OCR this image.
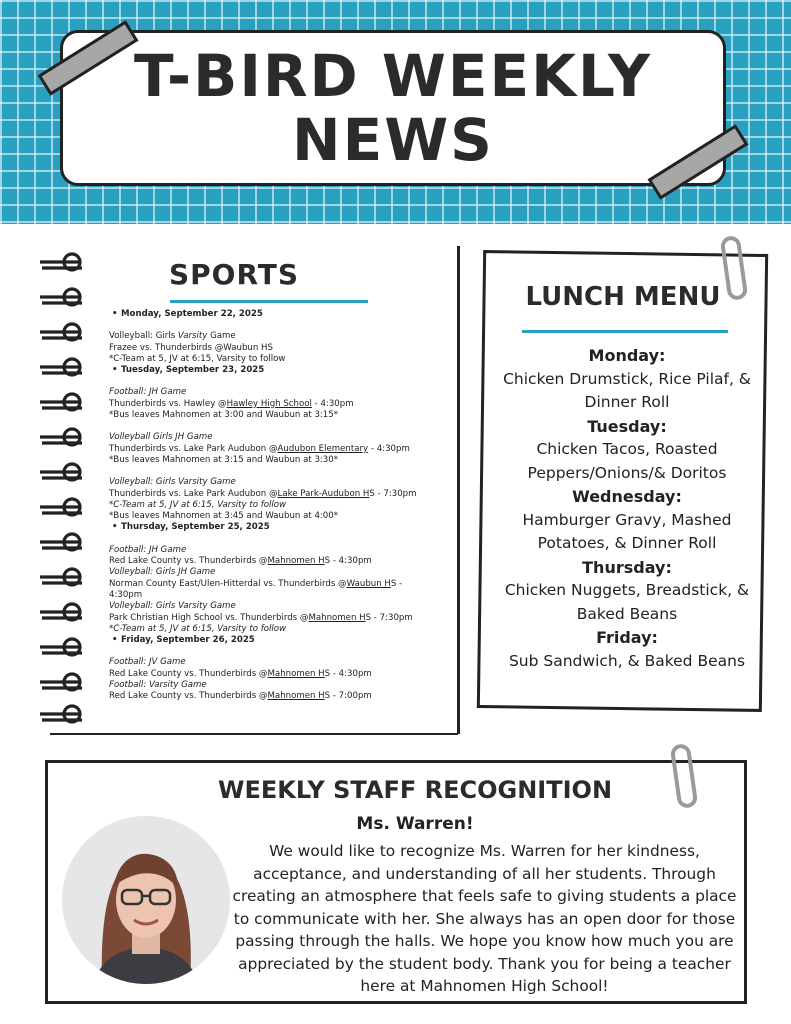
T-BIRD WEEKLY
NEWS
SPORTS
• Monday, September 22, 2025
Volleyball: Girls Varsity Game
Frazee vs. Thunderbirds @Waubun HS
*C-Team at 5, JV at 6:15, Varsity to follow
• Tuesday, September 23, 2025
Football: JH Game
Thunderbirds vs. Hawley @Hawley High School - 4:30pm
*Bus leaves Mahnomen at 3:00 and Waubun at 3:15*
Volleyball Girls JH Game
Thunderbirds vs. Lake Park Audubon @Audubon Elementary - 4:30pm
*Bus leaves Mahnomen at 3:15 and Waubun at 3:30*
Volleyball: Girls Varsity Game
Thunderbirds vs. Lake Park Audubon @Lake Park-Audubon HS - 7:30pm
*C-Team at 5, JV at 6:15, Varsity to follow
*Bus leaves Mahnomen at 3:45 and Waubun at 4:00*
• Thursday, September 25, 2025
Football: JH Game
Red Lake County vs. Thunderbirds @Mahnomen HS - 4:30pm
Volleyball: Girls JH Game
Norman County East/Ulen-Hitterdal vs. Thunderbirds @Waubun HS -
4:30pm
Volleyball: Girls Varsity Game
Park Christian High School vs. Thunderbirds @Mahnomen HS - 7:30pm
*C-Team at 5, JV at 6:15, Varsity to follow
• Friday, September 26, 2025
Football: JV Game
Red Lake County vs. Thunderbirds @Mahnomen HS - 4:30pm
Football: Varsity Game
Red Lake County vs. Thunderbirds @Mahnomen HS - 7:00pm
LUNCH MENU
Monday:
Chicken Drumstick, Rice Pilaf, & Dinner Roll
Tuesday:
Chicken Tacos, Roasted Peppers/Onions/& Doritos
Wednesday:
Hamburger Gravy, Mashed Potatoes, & Dinner Roll
Thursday:
Chicken Nuggets, Breadstick, & Baked Beans
Friday:
Sub Sandwich, & Baked Beans
WEEKLY STAFF RECOGNITION
Ms. Warren!
We would like to recognize Ms. Warren for her kindness, acceptance, and understanding of all her students. Through creating an atmosphere that feels safe to giving students a place to communicate with her. She always has an open door for those passing through the halls. We hope you know how much you are appreciated by the student body. Thank you for being a teacher here at Mahnomen High School!
